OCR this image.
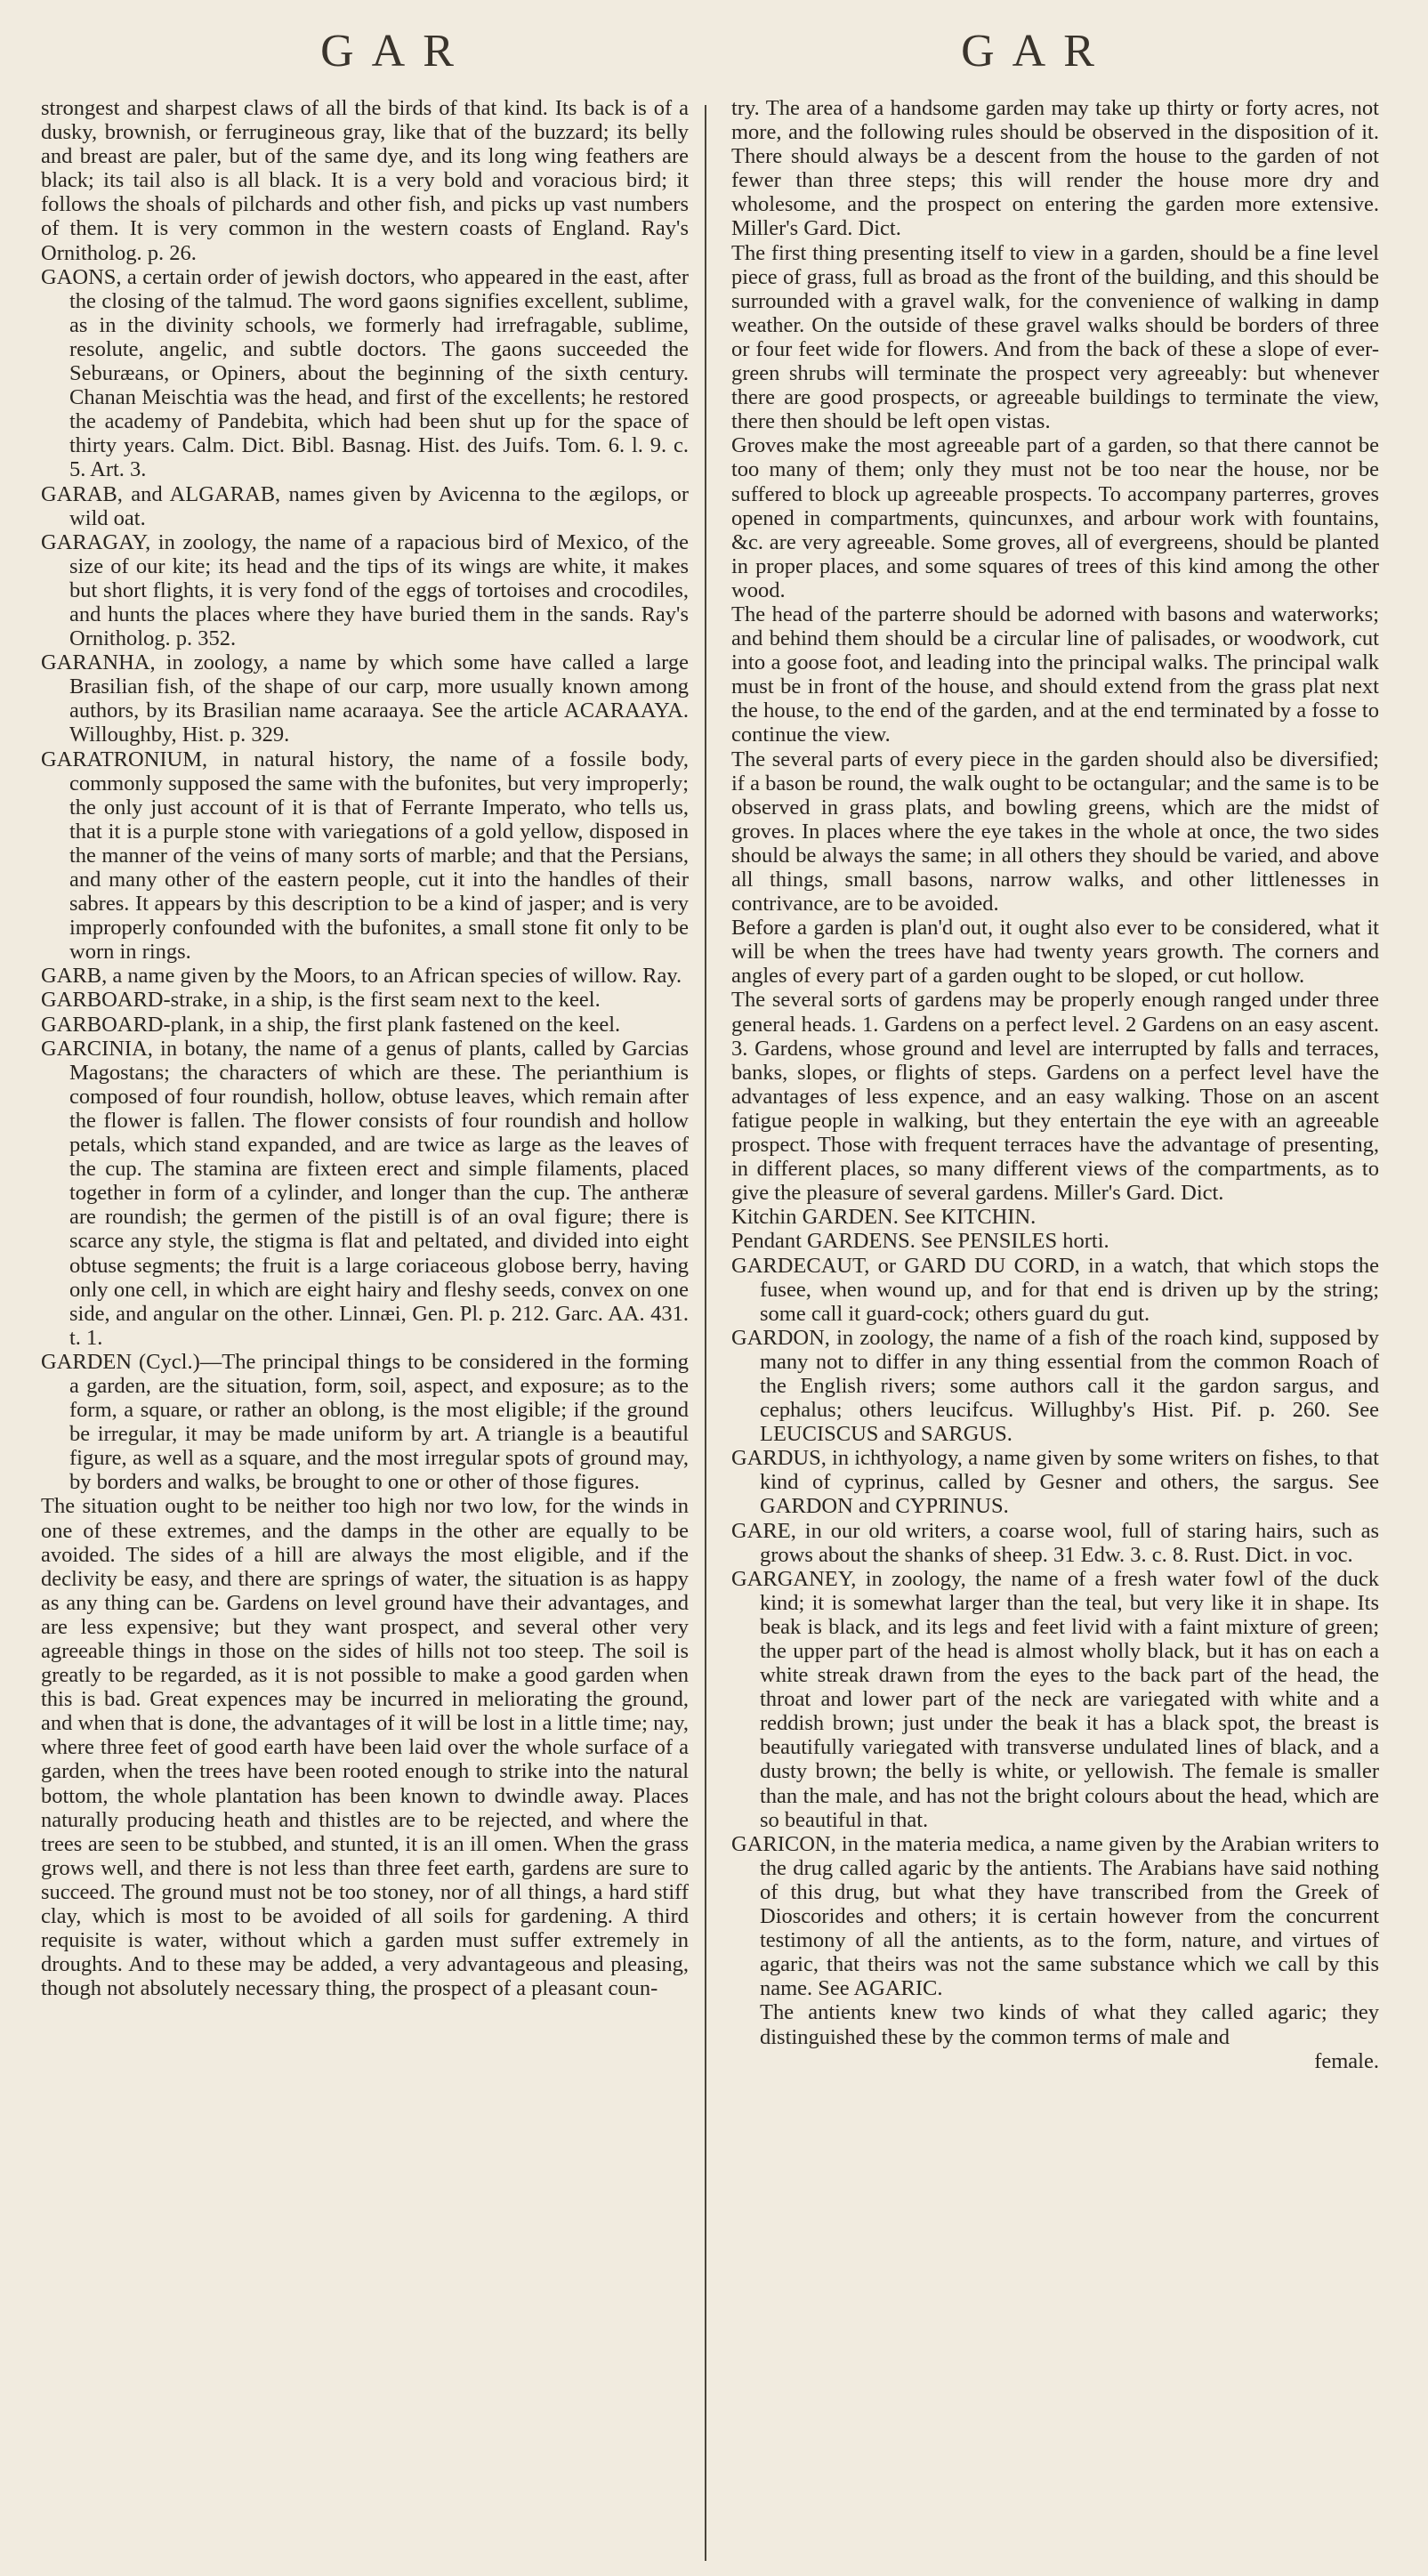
GAR	GAR

strongest and sharpest claws of all the birds of that kind. Its back is of a dusky, brownish, or ferrugineous gray, like that of the buzzard; its belly and breast are paler, but of the same dye, and its long wing feathers are black; its tail also is all black. It is a very bold and voracious bird; it follows the shoals of pilchards and other fish, and picks up vast numbers of them. It is very common in the western coasts of England. Ray's Ornitholog. p. 26.

GAONS, a certain order of jewish doctors, who appeared in the east, after the closing of the talmud. The word gaons signifies excellent, sublime, as in the divinity schools, we formerly had irrefragable, sublime, resolute, angelic, and subtle doctors. The gaons succeeded the Seburæans, or Opiners, about the beginning of the sixth century. Chanan Meischtia was the head, and first of the excellents; he restored the academy of Pandebita, which had been shut up for the space of thirty years. Calm. Dict. Bibl. Basnag. Hist. des Juifs. Tom. 6. l. 9. c. 5. Art. 3.

GARAB, and ALGARAB, names given by Avicenna to the ægilops, or wild oat.

GARAGAY, in zoology, the name of a rapacious bird of Mexico, of the size of our kite; its head and the tips of its wings are white, it makes but short flights, it is very fond of the eggs of tortoises and crocodiles, and hunts the places where they have buried them in the sands. Ray's Ornitholog. p. 352.

GARANHA, in zoology, a name by which some have called a large Brasilian fish, of the shape of our carp, more usually known among authors, by its Brasilian name acaraaya. See the article ACARAAYA. Willoughby, Hist. p. 329.

GARATRONIUM, in natural history, the name of a fossile body, commonly supposed the same with the bufonites, but very improperly; the only just account of it is that of Ferrante Imperato, who tells us, that it is a purple stone with variegations of a gold yellow, disposed in the manner of the veins of many sorts of marble; and that the Persians, and many other of the eastern people, cut it into the handles of their sabres. It appears by this description to be a kind of jasper; and is very improperly confounded with the bufonites, a small stone fit only to be worn in rings.

GARB, a name given by the Moors, to an African species of willow. Ray.

GARBOARD-strake, in a ship, is the first seam next to the keel.

GARBOARD-plank, in a ship, the first plank fastened on the keel.

GARCINIA, in botany, the name of a genus of plants, called by Garcias Magostans; the characters of which are these. The perianthium is composed of four roundish, hollow, obtuse leaves, which remain after the flower is fallen. The flower consists of four roundish and hollow petals, which stand expanded, and are twice as large as the leaves of the cup. The stamina are fixteen erect and simple filaments, placed together in form of a cylinder, and longer than the cup. The antheræ are roundish; the germen of the pistill is of an oval figure; there is scarce any style, the stigma is flat and peltated, and divided into eight obtuse segments; the fruit is a large coriaceous globose berry, having only one cell, in which are eight hairy and fleshy seeds, convex on one side, and angular on the other. Linnæi, Gen. Pl. p. 212. Garc. AA. 431. t. 1.

GARDEN (Cycl.)—The principal things to be considered in the forming a garden, are the situation, form, soil, aspect, and exposure; as to the form, a square, or rather an oblong, is the most eligible; if the ground be irregular, it may be made uniform by art. A triangle is a beautiful figure, as well as a square, and the most irregular spots of ground may, by borders and walks, be brought to one or other of those figures.

The situation ought to be neither too high nor two low, for the winds in one of these extremes, and the damps in the other are equally to be avoided. The sides of a hill are always the most eligible, and if the declivity be easy, and there are springs of water, the situation is as happy as any thing can be. Gardens on level ground have their advantages, and are less expensive; but they want prospect, and several other very agreeable things in those on the sides of hills not too steep. The soil is greatly to be regarded, as it is not possible to make a good garden when this is bad. Great expences may be incurred in meliorating the ground, and when that is done, the advantages of it will be lost in a little time; nay, where three feet of good earth have been laid over the whole surface of a garden, when the trees have been rooted enough to strike into the natural bottom, the whole plantation has been known to dwindle away. Places naturally producing heath and thistles are to be rejected, and where the trees are seen to be stubbed, and stunted, it is an ill omen. When the grass grows well, and there is not less than three feet earth, gardens are sure to succeed. The ground must not be too stoney, nor of all things, a hard stiff clay, which is most to be avoided of all soils for gardening. A third requisite is water, without which a garden must suffer extremely in droughts. And to these may be added, a very advantageous and pleasing, though not absolutely necessary thing, the prospect of a pleasant coun-

try. The area of a handsome garden may take up thirty or forty acres, not more, and the following rules should be observed in the disposition of it. There should always be a descent from the house to the garden of not fewer than three steps; this will render the house more dry and wholesome, and the prospect on entering the garden more extensive. Miller's Gard. Dict.

The first thing presenting itself to view in a garden, should be a fine level piece of grass, full as broad as the front of the building, and this should be surrounded with a gravel walk, for the convenience of walking in damp weather. On the outside of these gravel walks should be borders of three or four feet wide for flowers. And from the back of these a slope of ever-green shrubs will terminate the prospect very agreeably: but whenever there are good prospects, or agreeable buildings to terminate the view, there then should be left open vistas.

Groves make the most agreeable part of a garden, so that there cannot be too many of them; only they must not be too near the house, nor be suffered to block up agreeable prospects. To accompany parterres, groves opened in compartments, quincunxes, and arbour work with fountains, &c. are very agreeable. Some groves, all of evergreens, should be planted in proper places, and some squares of trees of this kind among the other wood.

The head of the parterre should be adorned with basons and waterworks; and behind them should be a circular line of palisades, or woodwork, cut into a goose foot, and leading into the principal walks. The principal walk must be in front of the house, and should extend from the grass plat next the house, to the end of the garden, and at the end terminated by a fosse to continue the view.

The several parts of every piece in the garden should also be diversified; if a bason be round, the walk ought to be octangular; and the same is to be observed in grass plats, and bowling greens, which are the midst of groves. In places where the eye takes in the whole at once, the two sides should be always the same; in all others they should be varied, and above all things, small basons, narrow walks, and other littlenesses in contrivance, are to be avoided.

Before a garden is plan'd out, it ought also ever to be considered, what it will be when the trees have had twenty years growth. The corners and angles of every part of a garden ought to be sloped, or cut hollow.

The several sorts of gardens may be properly enough ranged under three general heads. 1. Gardens on a perfect level. 2 Gardens on an easy ascent. 3. Gardens, whose ground and level are interrupted by falls and terraces, banks, slopes, or flights of steps. Gardens on a perfect level have the advantages of less expence, and an easy walking. Those on an ascent fatigue people in walking, but they entertain the eye with an agreeable prospect. Those with frequent terraces have the advantage of presenting, in different places, so many different views of the compartments, as to give the pleasure of several gardens. Miller's Gard. Dict.

Kitchin GARDEN. See KITCHIN.

Pendant GARDENS. See PENSILES horti.

GARDECAUT, or GARD DU CORD, in a watch, that which stops the fusee, when wound up, and for that end is driven up by the string; some call it guard-cock; others guard du gut.

GARDON, in zoology, the name of a fish of the roach kind, supposed by many not to differ in any thing essential from the common Roach of the English rivers; some authors call it the gardon sargus, and cephalus; others leucifcus. Willughby's Hist. Pif. p. 260. See LEUCISCUS and SARGUS.

GARDUS, in ichthyology, a name given by some writers on fishes, to that kind of cyprinus, called by Gesner and others, the sargus. See GARDON and CYPRINUS.

GARE, in our old writers, a coarse wool, full of staring hairs, such as grows about the shanks of sheep. 31 Edw. 3. c. 8. Rust. Dict. in voc.

GARGANEY, in zoology, the name of a fresh water fowl of the duck kind; it is somewhat larger than the teal, but very like it in shape. Its beak is black, and its legs and feet livid with a faint mixture of green; the upper part of the head is almost wholly black, but it has on each a white streak drawn from the eyes to the back part of the head, the throat and lower part of the neck are variegated with white and a reddish brown; just under the beak it has a black spot, the breast is beautifully variegated with transverse undulated lines of black, and a dusty brown; the belly is white, or yellowish. The female is smaller than the male, and has not the bright colours about the head, which are so beautiful in that.

GARICON, in the materia medica, a name given by the Arabian writers to the drug called agaric by the antients. The Arabians have said nothing of this drug, but what they have transcribed from the Greek of Dioscorides and others; it is certain however from the concurrent testimony of all the antients, as to the form, nature, and virtues of agaric, that theirs was not the same substance which we call by this name. See AGARIC.

The antients knew two kinds of what they called agaric; they distinguished these by the common terms of male and

female.
